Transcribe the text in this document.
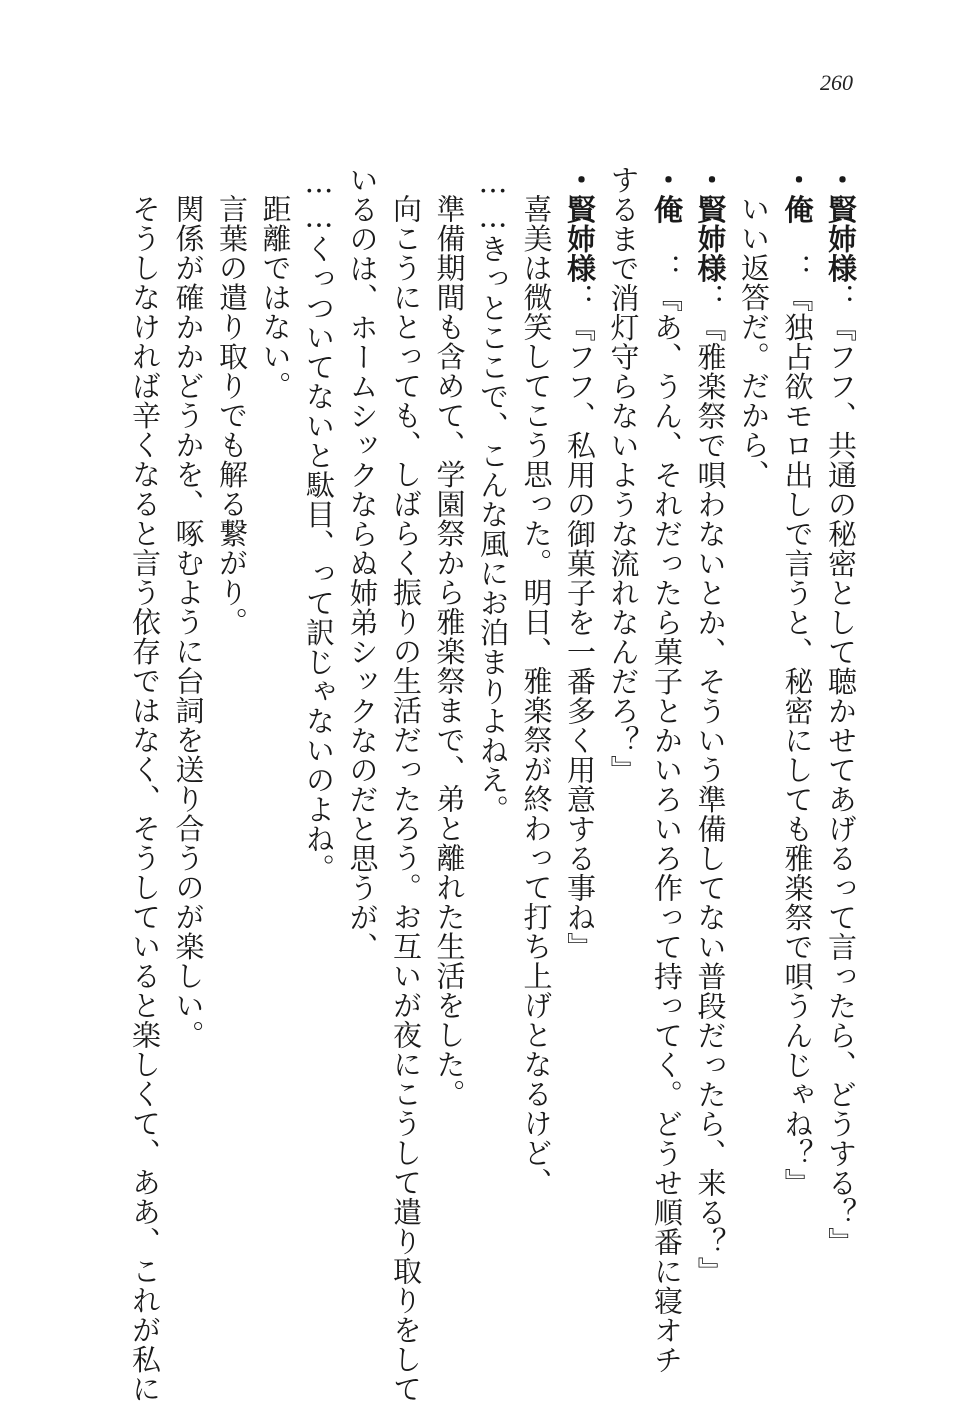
260
・賢姉様：『フフ、共通の秘密として聴かせてあげるって言ったら、どうする？』
・俺　：『独占欲モロ出しで言うと、秘密にしても雅楽祭で唄うんじゃね？』
いい返答だ。だから、
・賢姉様：『雅楽祭で唄わないとか、そういう準備してない普段だったら、来る？』
・俺　：『あ、うん、それだったら菓子とかいろいろ作って持ってく。どうせ順番に寝オチ
するまで消灯守らないような流れなんだろ？』
・賢姉様：『フフ、私用の御菓子を一番多く用意する事ね』
喜美は微笑してこう思った。明日、雅楽祭が終わって打ち上げとなるけど、
……きっとここで、こんな風にお泊まりよねえ。
準備期間も含めて、学園祭から雅楽祭まで、弟と離れた生活をした。
向こうにとっても、しばらく振りの生活だったろう。お互いが夜にこうして遣り取りをして
いるのは、ホームシックならぬ姉弟シックなのだと思うが、
……くっついてないと駄目、って訳じゃないのよね。
距離ではない。
言葉の遣り取りでも解る繋がり。
関係が確かかどうかを、啄むように台詞を送り合うのが楽しい。
そうしなければ辛くなると言う依存ではなく、そうしていると楽しくて、ああ、これが私に
